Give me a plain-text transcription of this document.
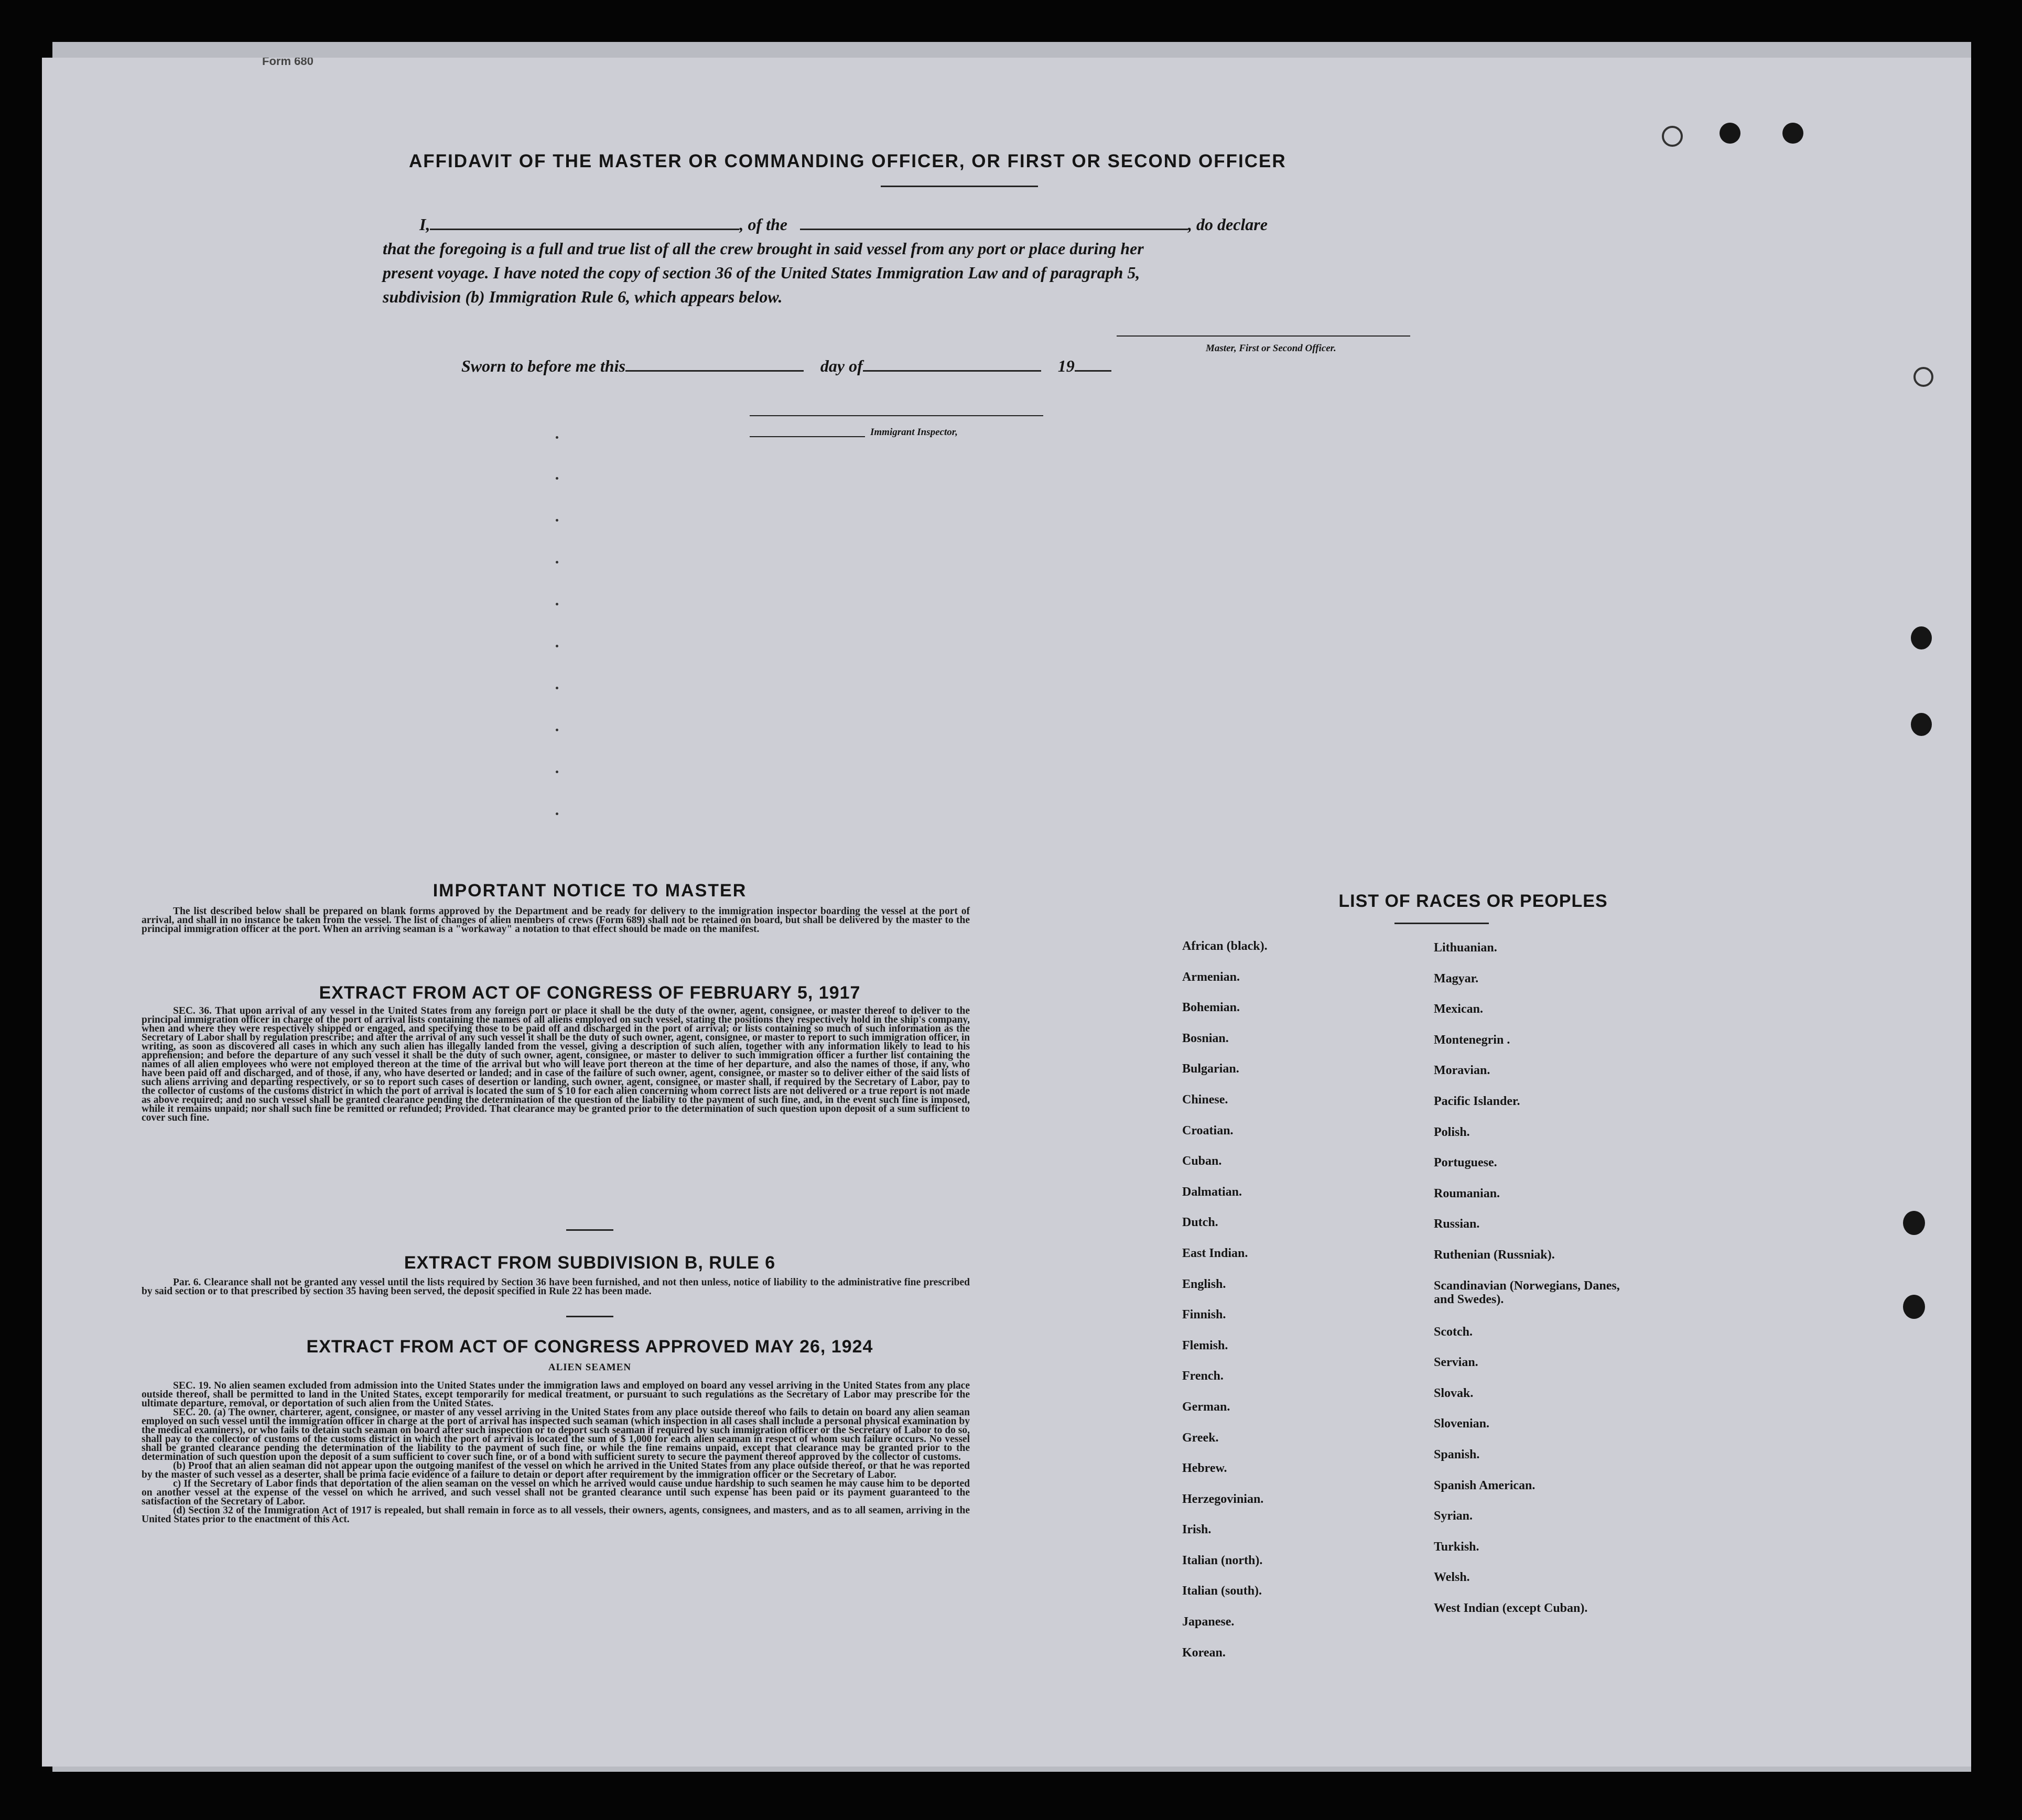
Form 680
AFFIDAVIT OF THE MASTER OR COMMANDING OFFICER, OR FIRST OR SECOND OFFICER
I,	, of the	, do declare
that the foregoing is a full and true list of all the crew brought in said vessel from any port or place during her
present voyage. I have noted the copy of section 36 of the United States Immigration Law and of paragraph 5,
subdivision (b) Immigration Rule 6, which appears below.
Master, First or Second Officer.
Sworn to before me this	day of	19
Immigrant Inspector,
IMPORTANT NOTICE TO MASTER

The list described below shall be prepared on blank forms approved by the Department and be ready for delivery to the immigration inspector boarding the vessel at the port of arrival, and shall in no instance be taken from the vessel. The list of changes of alien members of crews (Form 689) shall not be retained on board, but shall be delivered by the master to the principal immigration officer at the port. When an arriving seaman is a "workaway" a notation to that effect should be made on the manifest.

EXTRACT FROM ACT OF CONGRESS OF FEBRUARY 5, 1917

SEC. 36. That upon arrival of any vessel in the United States from any foreign port or place it shall be the duty of the owner, agent, consignee, or master thereof to deliver to the principal immigration officer in charge of the port of arrival lists containing the names of all aliens employed on such vessel, stating the positions they respectively hold in the ship's company, when and where they were respectively shipped or engaged, and specifying those to be paid off and discharged in the port of arrival; or lists containing so much of such information as the Secretary of Labor shall by regulation prescribe; and after the arrival of any such vessel it shall be the duty of such owner, agent, consignee, or master to report to such immigration officer, in writing, as soon as discovered all cases in which any such alien has illegally landed from the vessel, giving a description of such alien, together with any information likely to lead to his apprehension; and before the departure of any such vessel it shall be the duty of such owner, agent, consignee, or master to deliver to such immigration officer a further list containing the names of all alien employees who were not employed thereon at the time of the arrival but who will leave port thereon at the time of her departure, and also the names of those, if any, who have been paid off and discharged, and of those, if any, who have deserted or landed; and in case of the failure of such owner, agent, consignee, or master so to deliver either of the said lists of such aliens arriving and departing respectively, or so to report such cases of desertion or landing, such owner, agent, consignee, or master shall, if required by the Secretary of Labor, pay to the collector of customs of the customs district in which the port of arrival is located the sum of $ 10 for each alien concerning whom correct lists are not delivered or a true report is not made as above required; and no such vessel shall be granted clearance pending the determination of the question of the liability to the payment of such fine, and, in the event such fine is imposed, while it remains unpaid; nor shall such fine be remitted or refunded; Provided. That clearance may be granted prior to the determination of such question upon deposit of a sum sufficient to cover such fine.

EXTRACT FROM SUBDIVISION B, RULE 6

Par. 6. Clearance shall not be granted any vessel until the lists required by Section 36 have been furnished, and not then unless, notice of liability to the administrative fine prescribed by said section or to that prescribed by section 35 having been served, the deposit specified in Rule 22 has been made.

EXTRACT FROM ACT OF CONGRESS APPROVED MAY 26, 1924
ALIEN SEAMEN

SEC. 19. No alien seamen excluded from admission into the United States under the immigration laws and employed on board any vessel arriving in the United States from any place outside thereof, shall be permitted to land in the United States, except temporarily for medical treatment, or pursuant to such regulations as the Secretary of Labor may prescribe for the ultimate departure, removal, or deportation of such alien from the United States.

SEC. 20. (a) The owner, charterer, agent, consignee, or master of any vessel arriving in the United States from any place outside thereof who fails to detain on board any alien seaman employed on such vessel until the immigration officer in charge at the port of arrival has inspected such seaman (which inspection in all cases shall include a personal physical examination by the medical examiners), or who fails to detain such seaman on board after such inspection or to deport such seaman if required by such immigration officer or the Secretary of Labor to do so, shall pay to the collector of customs of the customs district in which the port of arrival is located the sum of $ 1,000 for each alien seaman in respect of whom such failure occurs. No vessel shall be granted clearance pending the determination of the liability to the payment of such fine, or while the fine remains unpaid, except that clearance may be granted prior to the determination of such question upon the deposit of a sum sufficient to cover such fine, or of a bond with sufficient surety to secure the payment thereof approved by the collector of customs.

(b) Proof that an alien seaman did not appear upon the outgoing manifest of the vessel on which he arrived in the United States from any place outside thereof, or that he was reported by the master of such vessel as a deserter, shall be prima facie evidence of a failure to detain or deport after requirement by the immigration officer or the Secretary of Labor.

c) If the Secretary of Labor finds that deportation of the alien seaman on the vessel on which he arrived would cause undue hardship to such seamen he may cause him to be deported on another vessel at the expense of the vessel on which he arrived, and such vessel shall not be granted clearance until such expense has been paid or its payment guaranteed to the satisfaction of the Secretary of Labor.

(d) Section 32 of the Immigration Act of 1917 is repealed, but shall remain in force as to all vessels, their owners, agents, consignees, and masters, and as to all seamen, arriving in the United States prior to the enactment of this Act.

LIST OF RACES OR PEOPLES
African (black).
Armenian.
Bohemian.
Bosnian.
Bulgarian.
Chinese.
Croatian.
Cuban.
Dalmatian.
Dutch.
East Indian.
English.
Finnish.
Flemish.
French.
German.
Greek.
Hebrew.
Herzegovinian.
Irish.
Italian (north).
Italian (south).
Japanese.
Korean.
Lithuanian.
Magyar.
Mexican.
Montenegrin .
Moravian.
Pacific Islander.
Polish.
Portuguese.
Roumanian.
Russian.
Ruthenian (Russniak).
Scandinavian (Norwegians, Danes, and Swedes).
Scotch.
Servian.
Slovak.
Slovenian.
Spanish.
Spanish American.
Syrian.
Turkish.
Welsh.
West Indian (except Cuban).
